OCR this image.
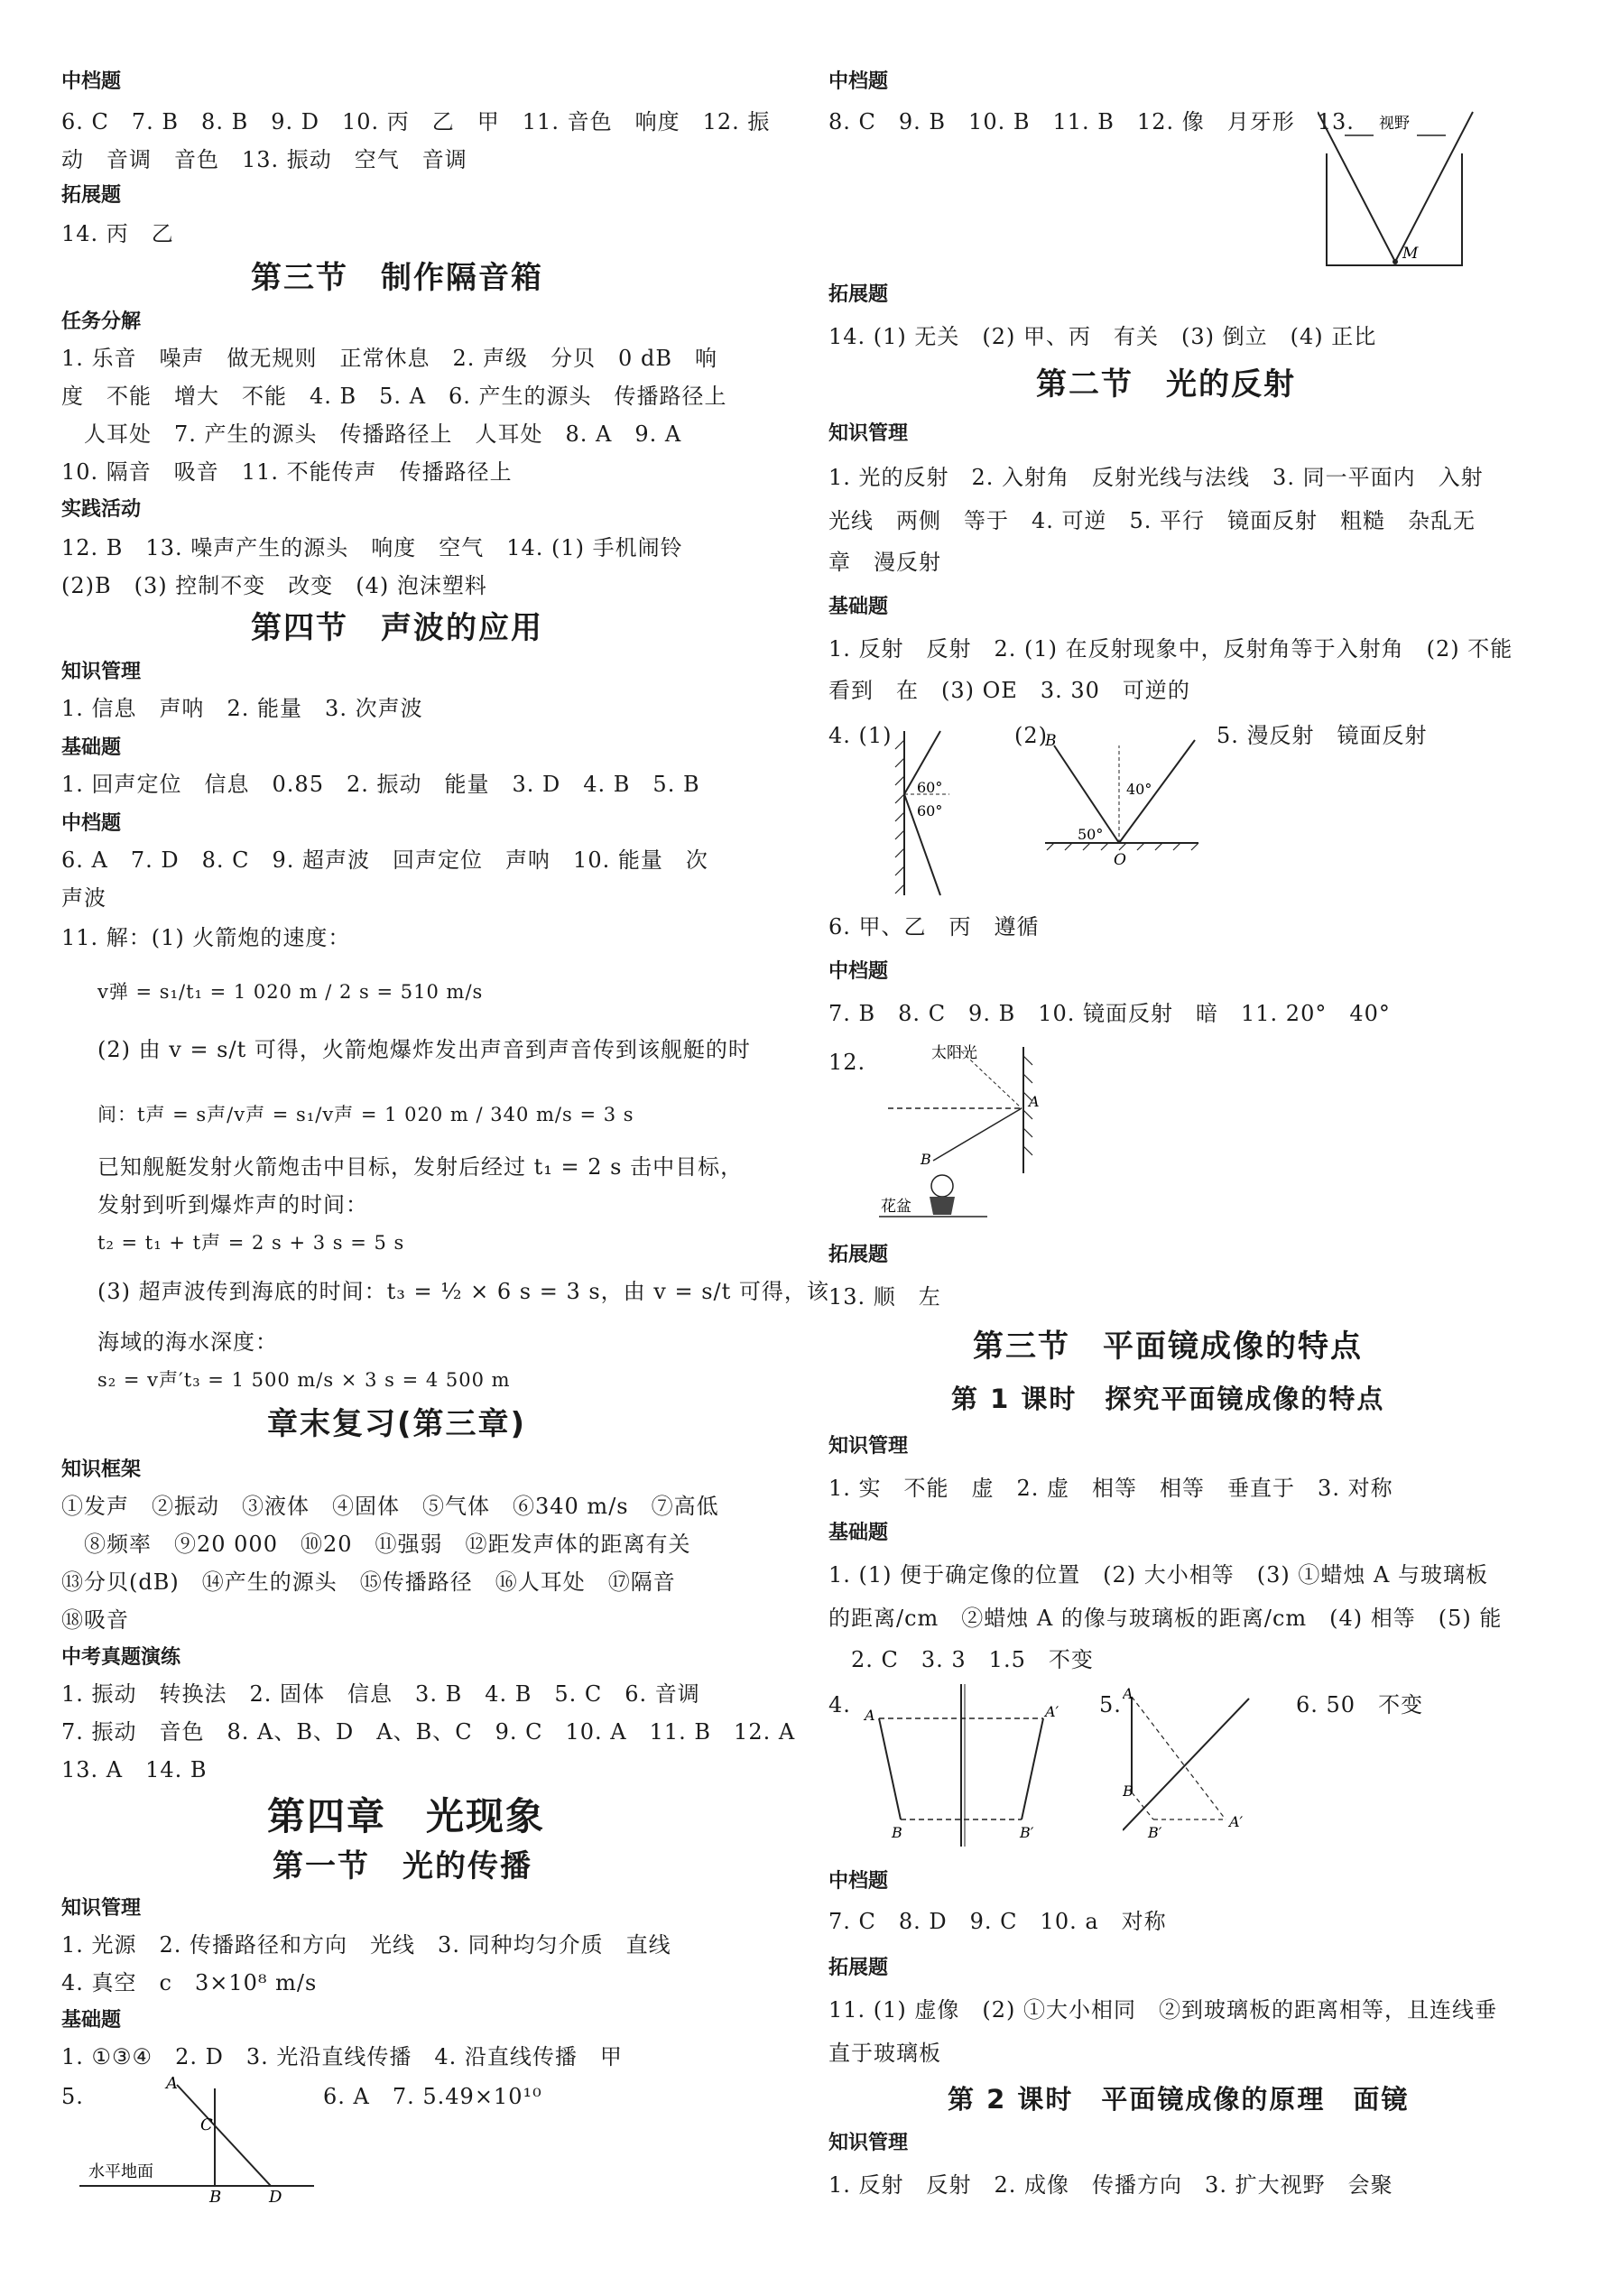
中档题
6. C　7. B　8. B　9. D　10. 丙　乙　甲　11. 音色　响度　12. 振
动　音调　音色　13. 振动　空气　音调
拓展题
14. 丙　乙
第三节　制作隔音箱
任务分解
1. 乐音　噪声　做无规则　正常休息　2. 声级　分贝　0 dB　响
度　不能　增大　不能　4. B　5. A　6. 产生的源头　传播路径上
　人耳处　7. 产生的源头　传播路径上　人耳处　8. A　9. A
10. 隔音　吸音　11. 不能传声　传播路径上
实践活动
12. B　13. 噪声产生的源头　响度　空气　14. (1) 手机闹铃
(2)B　(3) 控制不变　改变　(4) 泡沫塑料
第四节　声波的应用
知识管理
1. 信息　声呐　2. 能量　3. 次声波
基础题
1. 回声定位　信息　0.85　2. 振动　能量　3. D　4. B　5. B
中档题
6. A　7. D　8. C　9. 超声波　回声定位　声呐　10. 能量　次
声波
11. 解：(1) 火箭炮的速度：
v弹 = s₁/t₁ = 1 020 m / 2 s = 510 m/s
(2) 由 v = s/t 可得，火箭炮爆炸发出声音到声音传到该舰艇的时
间：t声 = s声/v声 = s₁/v声 = 1 020 m / 340 m/s = 3 s
已知舰艇发射火箭炮击中目标，发射后经过 t₁ = 2 s 击中目标，
发射到听到爆炸声的时间：
t₂ = t₁ + t声 = 2 s + 3 s = 5 s
(3) 超声波传到海底的时间：t₃ = ½ × 6 s = 3 s，由 v = s/t 可得，该
海域的海水深度：
s₂ = v声′t₃ = 1 500 m/s × 3 s = 4 500 m
章末复习(第三章)
知识框架
①发声　②振动　③液体　④固体　⑤气体　⑥340 m/s　⑦高低
　⑧频率　⑨20 000　⑩20　⑪强弱　⑫距发声体的距离有关
⑬分贝(dB)　⑭产生的源头　⑮传播路径　⑯人耳处　⑰隔音
⑱吸音
中考真题演练
1. 振动　转换法　2. 固体　信息　3. B　4. B　5. C　6. 音调
7. 振动　音色　8. A、B、D　A、B、C　9. C　10. A　11. B　12. A
13. A　14. B
第四章　光现象
第一节　光的传播
知识管理
1. 光源　2. 传播路径和方向　光线　3. 同种均匀介质　直线
4. 真空　c　3×10⁸ m/s
基础题
1. ①③④　2. D　3. 光沿直线传播　4. 沿直线传播　甲
5.	6. A　7. 5.49×10¹⁰
A
C
B	D
水平地面
中档题
8. C　9. B　10. B　11. B　12. 像　月牙形　13. 视野
M
拓展题
14. (1) 无关　(2) 甲、丙　有关　(3) 倒立　(4) 正比
第二节　光的反射
知识管理
1. 光的反射　2. 入射角　反射光线与法线　3. 同一平面内　入射
光线　两侧　等于　4. 可逆　5. 平行　镜面反射　粗糙　杂乱无
章　漫反射
基础题
1. 反射　反射　2. (1) 在反射现象中，反射角等于入射角　(2) 不能
看到　在　(3) OE　3. 30　可逆的
4. (1)
60°
60°
(2)
B
O
40°
50°
5. 漫反射　镜面反射
6. 甲、乙　丙　遵循
中档题
7. B　8. C　9. B　10. 镜面反射　暗　11. 20°　40°
12.	太阳光
A
B
花盆
拓展题
13. 顺　左
第三节　平面镜成像的特点
第 1 课时　探究平面镜成像的特点
知识管理
1. 实　不能　虚　2. 虚　相等　相等　垂直于　3. 对称
基础题
1. (1) 便于确定像的位置　(2) 大小相等　(3) ①蜡烛 A 与玻璃板
的距离/cm　②蜡烛 A 的像与玻璃板的距离/cm　(4) 相等　(5) 能
　2. C　3. 3　1.5　不变
4. A	A′
B	B′
5. A
B
A′
B′
6. 50　不变
中档题
7. C　8. D　9. C　10. a　对称
拓展题
11. (1) 虚像　(2) ①大小相同　②到玻璃板的距离相等，且连线垂
直于玻璃板
第 2 课时　平面镜成像的原理　面镜
知识管理
1. 反射　反射　2. 成像　传播方向　3. 扩大视野　会聚
